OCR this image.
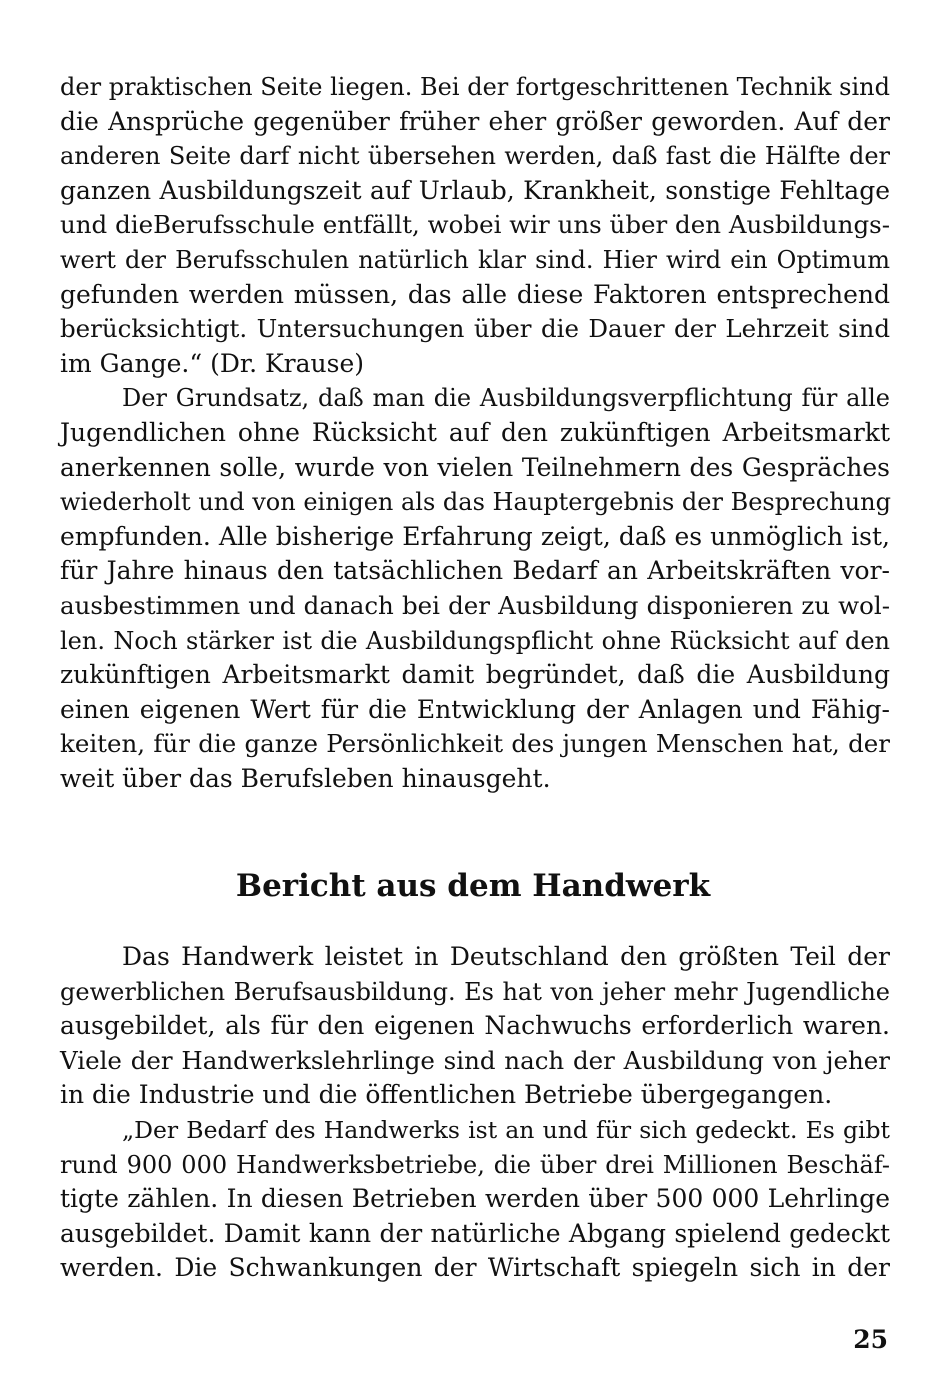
der praktischen Seite liegen. Bei der fortgeschrittenen Technik sind
die Ansprüche gegenüber früher eher größer geworden. Auf der
anderen Seite darf nicht übersehen werden, daß fast die Hälfte der
ganzen Ausbildungszeit auf Urlaub, Krankheit, sonstige Fehltage
und dieBerufsschule entfällt, wobei wir uns über den Ausbildungs-
wert der Berufsschulen natürlich klar sind. Hier wird ein Optimum
gefunden werden müssen, das alle diese Faktoren entsprechend
berücksichtigt. Untersuchungen über die Dauer der Lehrzeit sind
im Gange.“ (Dr. Krause)
Der Grundsatz, daß man die Ausbildungsverpflichtung für alle
Jugendlichen ohne Rücksicht auf den zukünftigen Arbeitsmarkt
anerkennen solle, wurde von vielen Teilnehmern des Gespräches
wiederholt und von einigen als das Hauptergebnis der Besprechung
empfunden. Alle bisherige Erfahrung zeigt, daß es unmöglich ist,
für Jahre hinaus den tatsächlichen Bedarf an Arbeitskräften vor-
ausbestimmen und danach bei der Ausbildung disponieren zu wol-
len. Noch stärker ist die Ausbildungspflicht ohne Rücksicht auf den
zukünftigen Arbeitsmarkt damit begründet, daß die Ausbildung
einen eigenen Wert für die Entwicklung der Anlagen und Fähig-
keiten, für die ganze Persönlichkeit des jungen Menschen hat, der
weit über das Berufsleben hinausgeht.
Bericht aus dem Handwerk
Das Handwerk leistet in Deutschland den größten Teil der
gewerblichen Berufsausbildung. Es hat von jeher mehr Jugendliche
ausgebildet, als für den eigenen Nachwuchs erforderlich waren.
Viele der Handwerkslehrlinge sind nach der Ausbildung von jeher
in die Industrie und die öffentlichen Betriebe übergegangen.
„Der Bedarf des Handwerks ist an und für sich gedeckt. Es gibt
rund 900 000 Handwerksbetriebe, die über drei Millionen Beschäf-
tigte zählen. In diesen Betrieben werden über 500 000 Lehrlinge
ausgebildet. Damit kann der natürliche Abgang spielend gedeckt
werden. Die Schwankungen der Wirtschaft spiegeln sich in der
25
